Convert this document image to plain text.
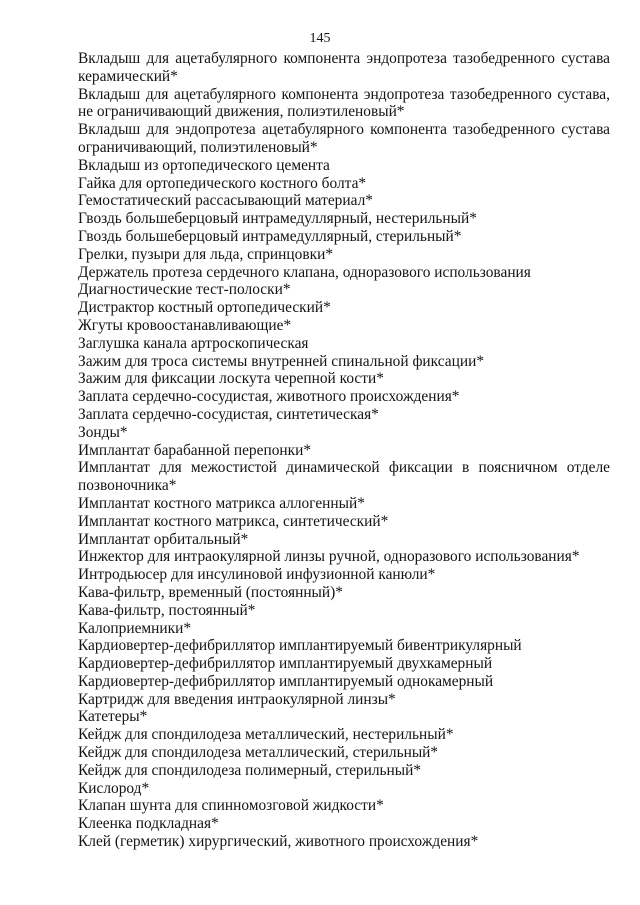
145
Вкладыш для ацетабулярного компонента эндопротеза тазобедренного сустава керамический*
Вкладыш для ацетабулярного компонента эндопротеза тазобедренного сустава, не ограничивающий движения, полиэтиленовый*
Вкладыш для эндопротеза ацетабулярного компонента тазобедренного сустава ограничивающий, полиэтиленовый*
Вкладыш из ортопедического цемента
Гайка для ортопедического костного болта*
Гемостатический рассасывающий материал*
Гвоздь большеберцовый интрамедуллярный, нестерильный*
Гвоздь большеберцовый интрамедуллярный, стерильный*
Грелки, пузыри для льда, спринцовки*
Держатель протеза сердечного клапана, одноразового использования
Диагностические тест-полоски*
Дистрактор костный ортопедический*
Жгуты кровоостанавливающие*
Заглушка канала артроскопическая
Зажим для троса системы внутренней спинальной фиксации*
Зажим для фиксации лоскута черепной кости*
Заплата сердечно-сосудистая, животного происхождения*
Заплата сердечно-сосудистая, синтетическая*
Зонды*
Имплантат барабанной перепонки*
Имплантат для межостистой динамической фиксации в поясничном отделе позвоночника*
Имплантат костного матрикса аллогенный*
Имплантат костного матрикса, синтетический*
Имплантат орбитальный*
Инжектор для интраокулярной линзы ручной, одноразового использования*
Интродьюсер для инсулиновой инфузионной канюли*
Кава-фильтр, временный (постоянный)*
Кава-фильтр, постоянный*
Калоприемники*
Кардиовертер-дефибриллятор имплантируемый бивентрикулярный
Кардиовертер-дефибриллятор имплантируемый двухкамерный
Кардиовертер-дефибриллятор имплантируемый однокамерный
Картридж для введения интраокулярной линзы*
Катетеры*
Кейдж для спондилодеза металлический, нестерильный*
Кейдж для спондилодеза металлический, стерильный*
Кейдж для спондилодеза полимерный, стерильный*
Кислород*
Клапан шунта для спинномозговой жидкости*
Клеенка подкладная*
Клей (герметик) хирургический, животного происхождения*
